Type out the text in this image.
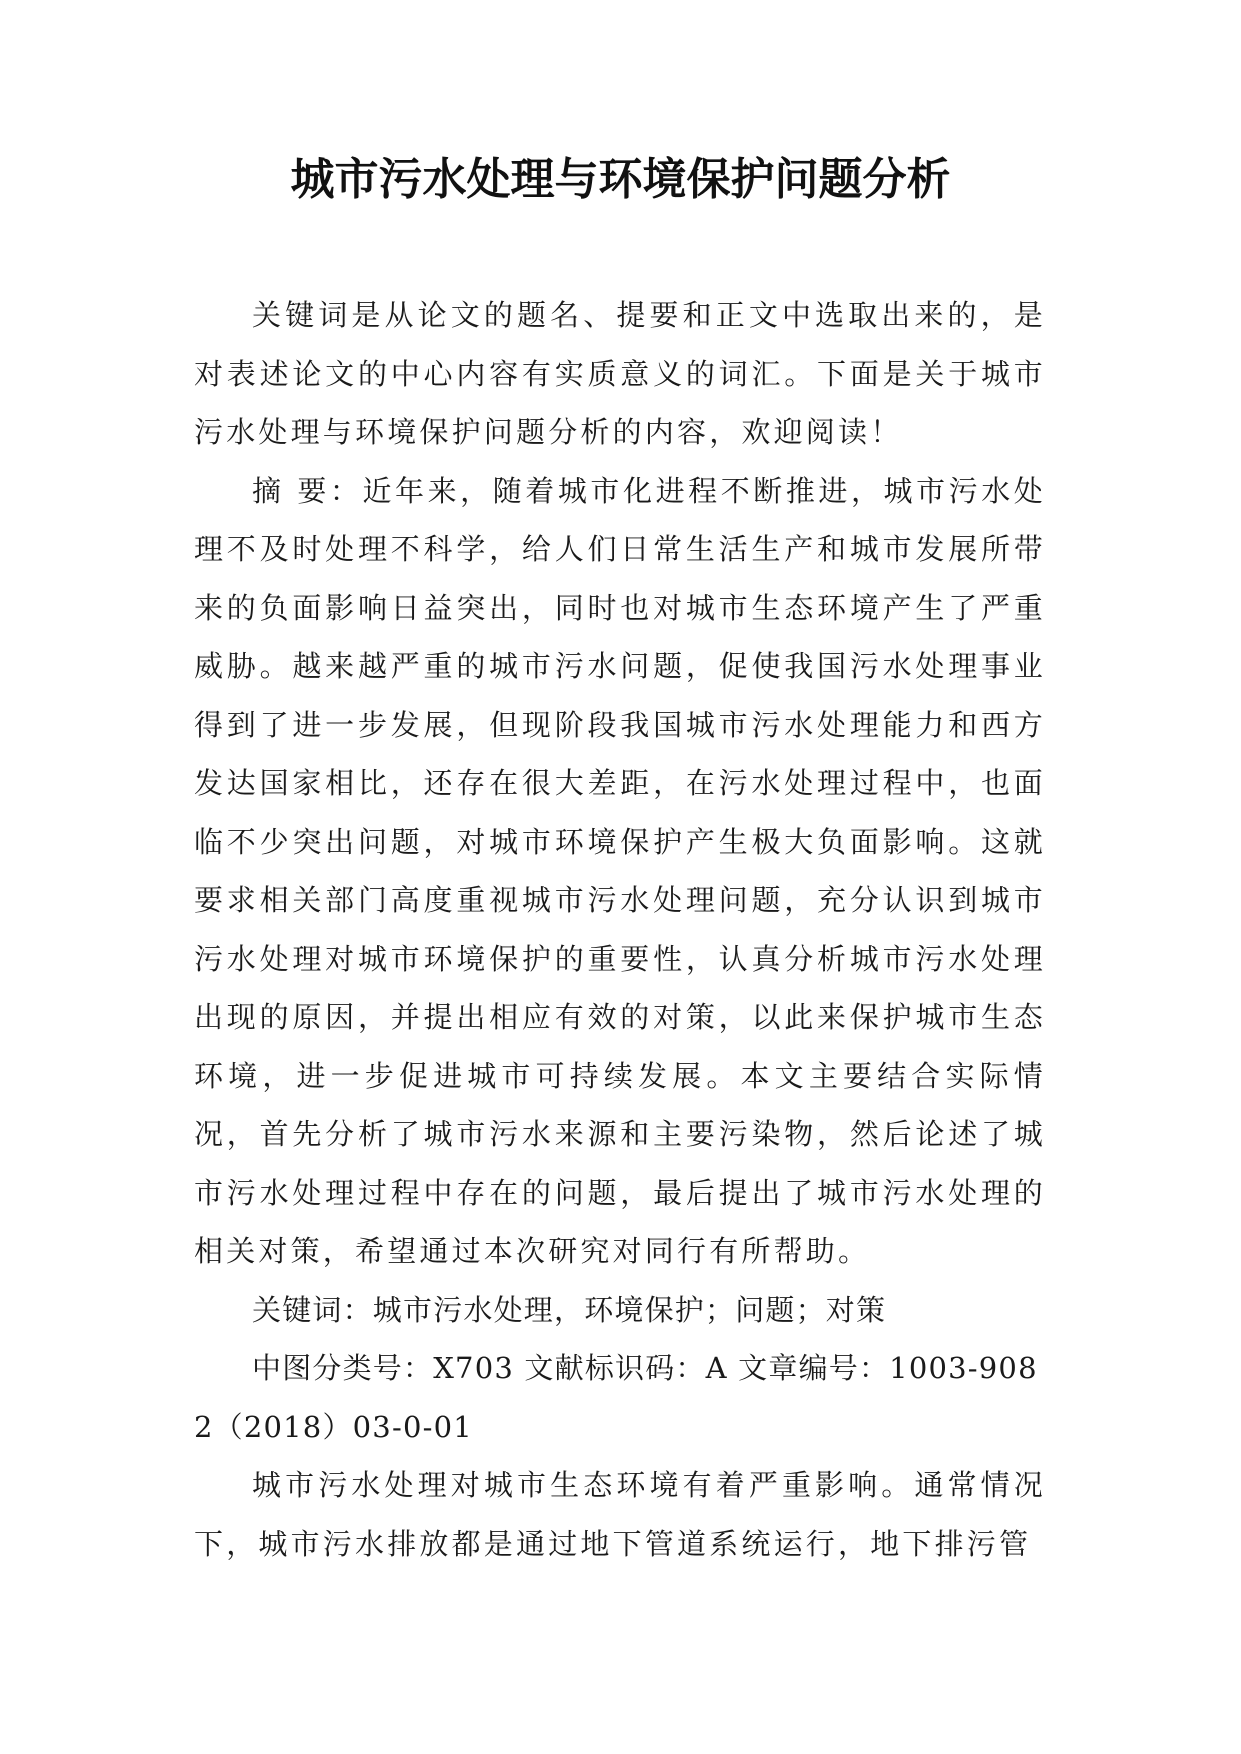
城市污水处理与环境保护问题分析

关键词是从论文的题名、提要和正文中选取出来的，是对表述论文的中心内容有实质意义的词汇。下面是关于城市污水处理与环境保护问题分析的内容，欢迎阅读！

摘 要：近年来，随着城市化进程不断推进，城市污水处理不及时处理不科学，给人们日常生活生产和城市发展所带来的负面影响日益突出，同时也对城市生态环境产生了严重威胁。越来越严重的城市污水问题，促使我国污水处理事业得到了进一步发展，但现阶段我国城市污水处理能力和西方发达国家相比，还存在很大差距，在污水处理过程中，也面临不少突出问题，对城市环境保护产生极大负面影响。这就要求相关部门高度重视城市污水处理问题，充分认识到城市污水处理对城市环境保护的重要性，认真分析城市污水处理出现的原因，并提出相应有效的对策，以此来保护城市生态环境，进一步促进城市可持续发展。本文主要结合实际情况，首先分析了城市污水来源和主要污染物，然后论述了城市污水处理过程中存在的问题，最后提出了城市污水处理的相关对策，希望通过本次研究对同行有所帮助。

关键词：城市污水处理，环境保护；问题；对策

中图分类号：X703 文献标识码：A 文章编号：1003-9082（2018）03-0-01

城市污水处理对城市生态环境有着严重影响。通常情况下，城市污水排放都是通过地下管道系统运行，地下排污管
